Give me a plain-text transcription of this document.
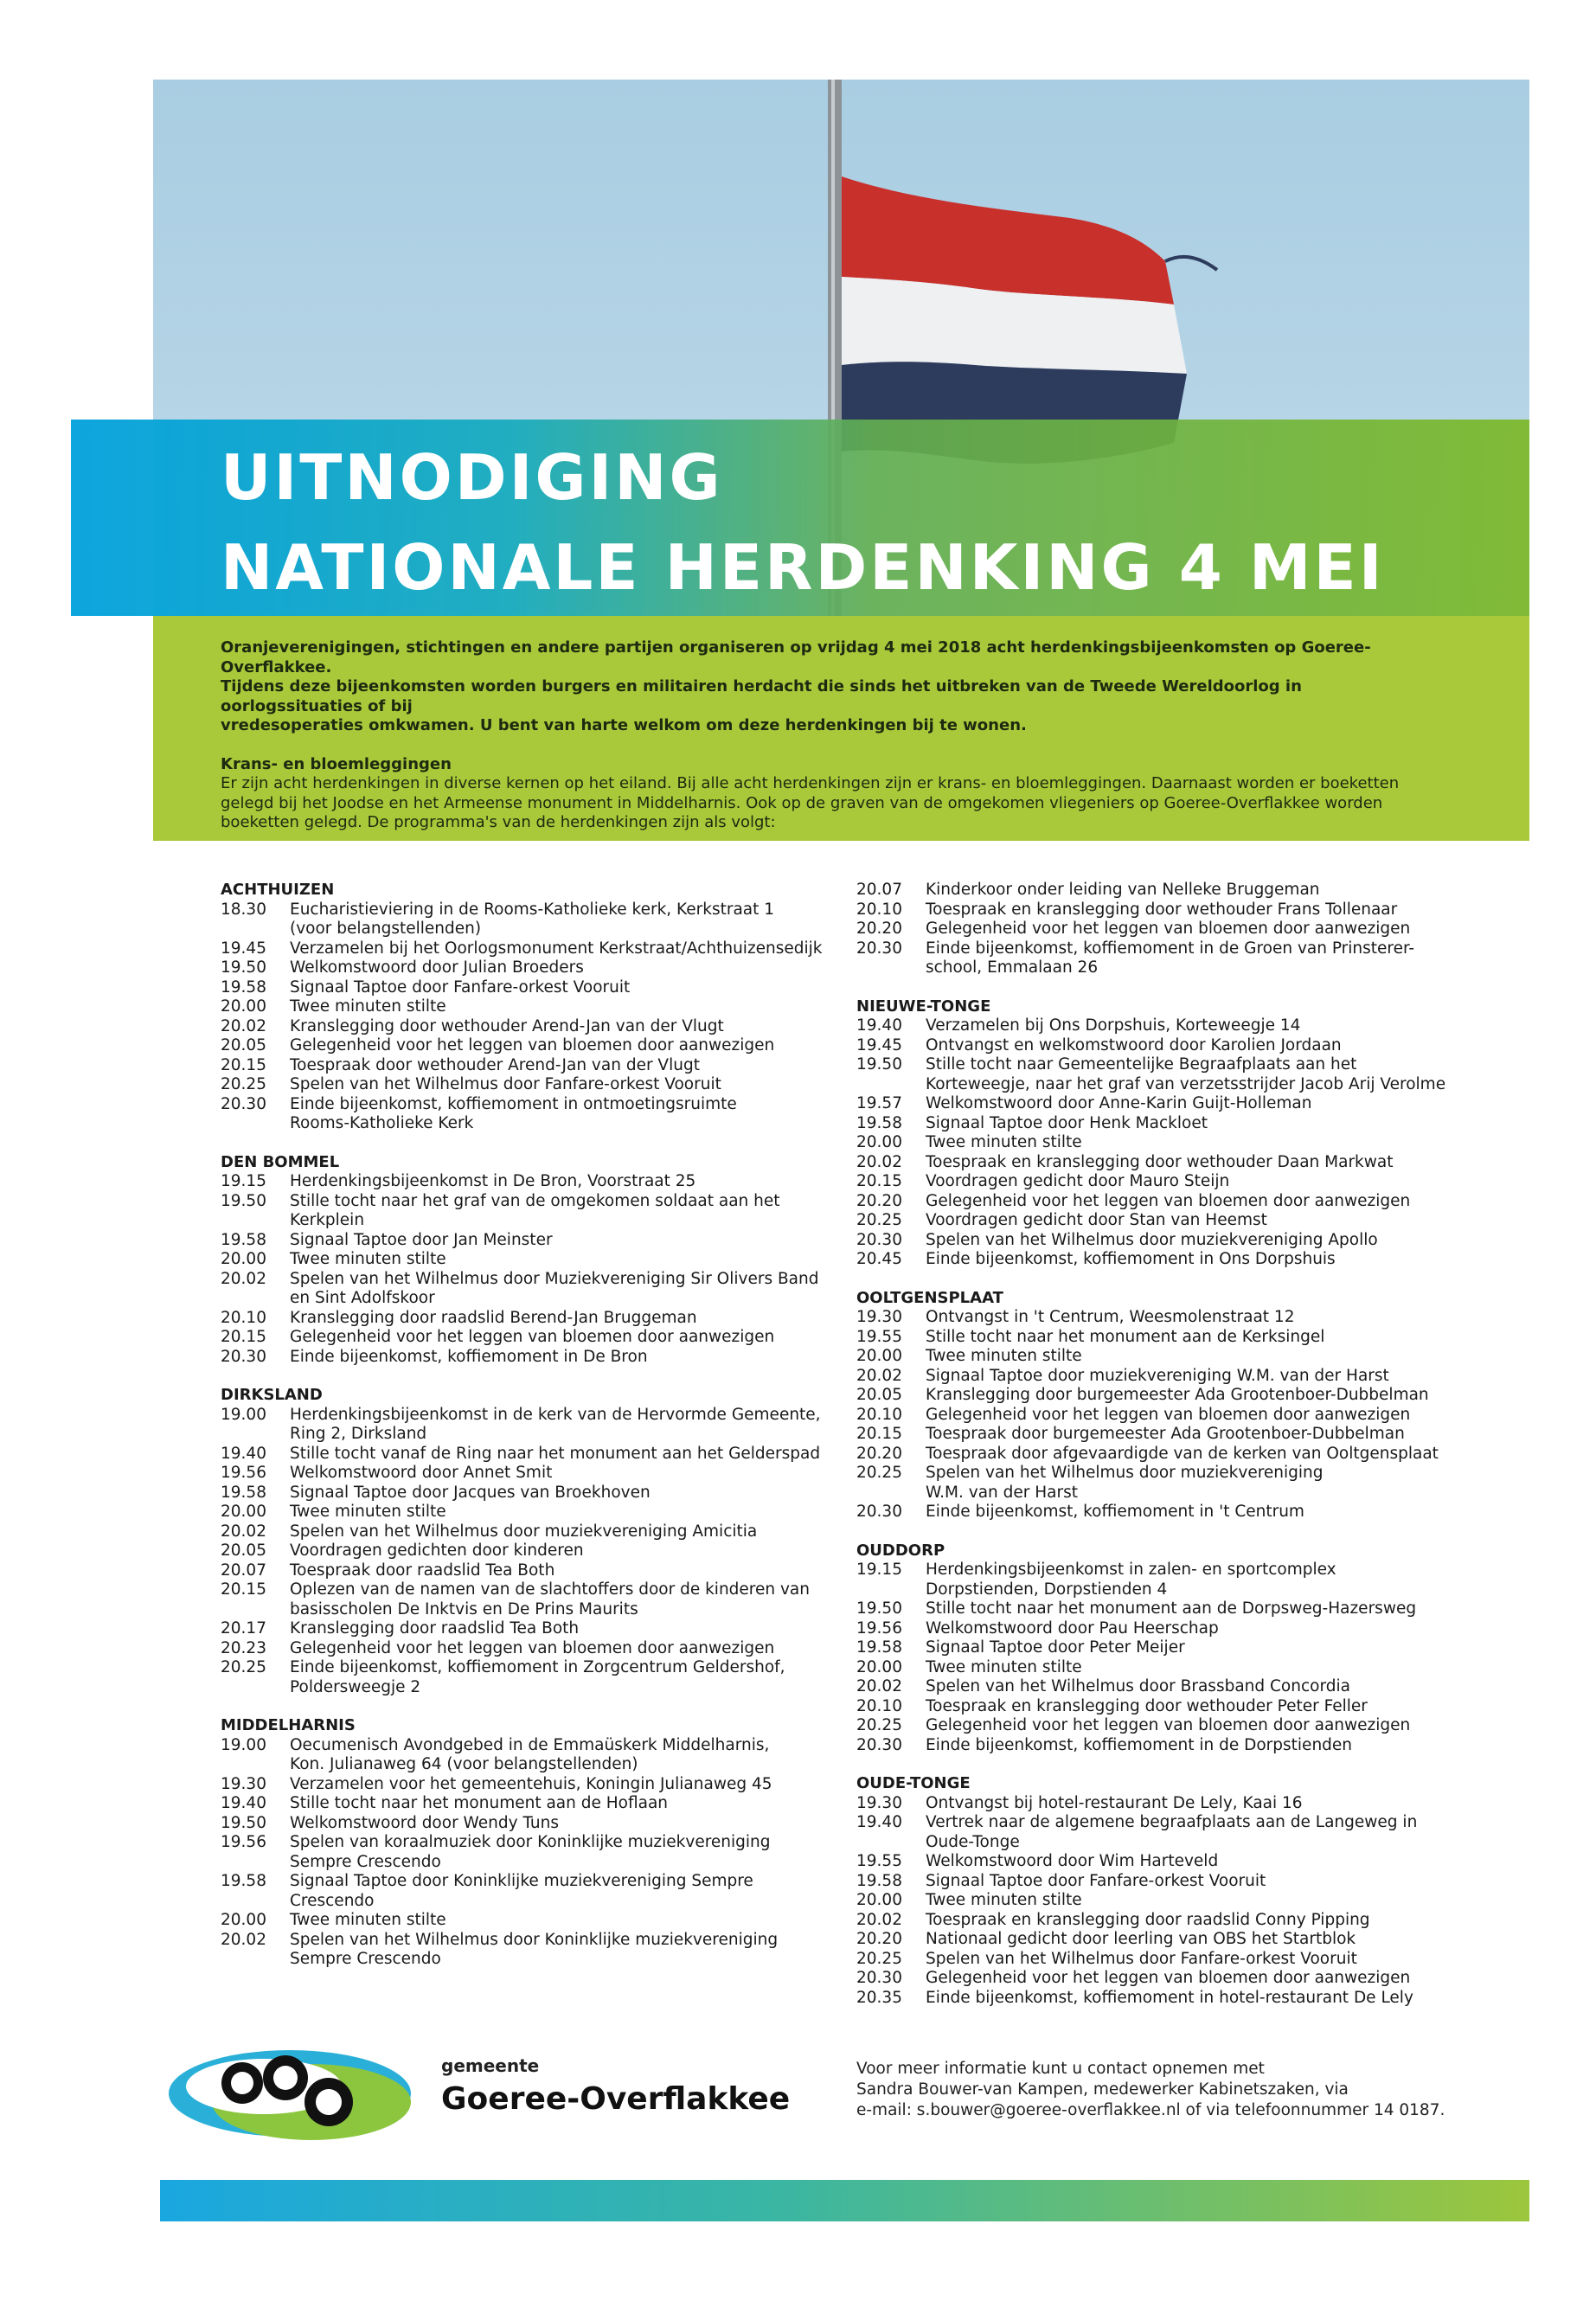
UITNODIGING
NATIONALE HERDENKING 4 MEI

Oranjeverenigingen, stichtingen en andere partijen organiseren op vrijdag 4 mei 2018 acht herdenkingsbijeenkomsten op Goeree-Overflakkee.

Tijdens deze bijeenkomsten worden burgers en militairen herdacht die sinds het uitbreken van de Tweede Wereldoorlog in oorlogssituaties of bij

vredesoperaties omkwamen. U bent van harte welkom om deze herdenkingen bij te wonen.

Krans- en bloemleggingen

Er zijn acht herdenkingen in diverse kernen op het eiland. Bij alle acht herdenkingen zijn er krans- en bloemleggingen. Daarnaast worden er boeketten

gelegd bij het Joodse en het Armeense monument in Middelharnis. Ook op de graven van de omgekomen vliegeniers op Goeree-Overflakkee worden

boeketten gelegd. De programma's van de herdenkingen zijn als volgt:

ACHTHUIZEN
18.30	Eucharistieviering in de Rooms-Katholieke kerk, Kerkstraat 1
(voor belangstellenden)
19.45	Verzamelen bij het Oorlogsmonument Kerkstraat/Achthuizensedijk
19.50	Welkomstwoord door Julian Broeders
19.58	Signaal Taptoe door Fanfare-orkest Vooruit
20.00	Twee minuten stilte
20.02	Kranslegging door wethouder Arend-Jan van der Vlugt
20.05	Gelegenheid voor het leggen van bloemen door aanwezigen
20.15	Toespraak door wethouder Arend-Jan van der Vlugt
20.25	Spelen van het Wilhelmus door Fanfare-orkest Vooruit
20.30	Einde bijeenkomst, koffiemoment in ontmoetingsruimte
Rooms-Katholieke Kerk
DEN BOMMEL
19.15	Herdenkingsbijeenkomst in De Bron, Voorstraat 25
19.50	Stille tocht naar het graf van de omgekomen soldaat aan het
Kerkplein
19.58	Signaal Taptoe door Jan Meinster
20.00	Twee minuten stilte
20.02	Spelen van het Wilhelmus door Muziekvereniging Sir Olivers Band
en Sint Adolfskoor
20.10	Kranslegging door raadslid Berend-Jan Bruggeman
20.15	Gelegenheid voor het leggen van bloemen door aanwezigen
20.30	Einde bijeenkomst, koffiemoment in De Bron
DIRKSLAND
19.00	Herdenkingsbijeenkomst in de kerk van de Hervormde Gemeente,
Ring 2, Dirksland
19.40	Stille tocht vanaf de Ring naar het monument aan het Gelderspad
19.56	Welkomstwoord door Annet Smit
19.58	Signaal Taptoe door Jacques van Broekhoven
20.00	Twee minuten stilte
20.02	Spelen van het Wilhelmus door muziekvereniging Amicitia
20.05	Voordragen gedichten door kinderen
20.07	Toespraak door raadslid Tea Both
20.15	Oplezen van de namen van de slachtoffers door de kinderen van
basisscholen De Inktvis en De Prins Maurits
20.17	Kranslegging door raadslid Tea Both
20.23	Gelegenheid voor het leggen van bloemen door aanwezigen
20.25	Einde bijeenkomst, koffiemoment in Zorgcentrum Geldershof,
Poldersweegje 2
MIDDELHARNIS
19.00	Oecumenisch Avondgebed in de Emmaüskerk Middelharnis,
Kon. Julianaweg 64 (voor belangstellenden)
19.30	Verzamelen voor het gemeentehuis, Koningin Julianaweg 45
19.40	Stille tocht naar het monument aan de Hoflaan
19.50	Welkomstwoord door Wendy Tuns
19.56	Spelen van koraalmuziek door Koninklijke muziekvereniging
Sempre Crescendo
19.58	Signaal Taptoe door Koninklijke muziekvereniging Sempre
Crescendo
20.00	Twee minuten stilte
20.02	Spelen van het Wilhelmus door Koninklijke muziekvereniging
Sempre Crescendo
20.07	Kinderkoor onder leiding van Nelleke Bruggeman
20.10	Toespraak en kranslegging door wethouder Frans Tollenaar
20.20	Gelegenheid voor het leggen van bloemen door aanwezigen
20.30	Einde bijeenkomst, koffiemoment in de Groen van Prinsterer-
school, Emmalaan 26
NIEUWE-TONGE
19.40	Verzamelen bij Ons Dorpshuis, Korteweegje 14
19.45	Ontvangst en welkomstwoord door Karolien Jordaan
19.50	Stille tocht naar Gemeentelijke Begraafplaats aan het
Korteweegje, naar het graf van verzetsstrijder Jacob Arij Verolme
19.57	Welkomstwoord door Anne-Karin Guijt-Holleman
19.58	Signaal Taptoe door Henk Mackloet
20.00	Twee minuten stilte
20.02	Toespraak en kranslegging door wethouder Daan Markwat
20.15	Voordragen gedicht door Mauro Steijn
20.20	Gelegenheid voor het leggen van bloemen door aanwezigen
20.25	Voordragen gedicht door Stan van Heemst
20.30	Spelen van het Wilhelmus door muziekvereniging Apollo
20.45	Einde bijeenkomst, koffiemoment in Ons Dorpshuis
OOLTGENSPLAAT
19.30	Ontvangst in 't Centrum, Weesmolenstraat 12
19.55	Stille tocht naar het monument aan de Kerksingel
20.00	Twee minuten stilte
20.02	Signaal Taptoe door muziekvereniging W.M. van der Harst
20.05	Kranslegging door burgemeester Ada Grootenboer-Dubbelman
20.10	Gelegenheid voor het leggen van bloemen door aanwezigen
20.15	Toespraak door burgemeester Ada Grootenboer-Dubbelman
20.20	Toespraak door afgevaardigde van de kerken van Ooltgensplaat
20.25	Spelen van het Wilhelmus door muziekvereniging
W.M. van der Harst
20.30	Einde bijeenkomst, koffiemoment in 't Centrum
OUDDORP
19.15	Herdenkingsbijeenkomst in zalen- en sportcomplex
Dorpstienden, Dorpstienden 4
19.50	Stille tocht naar het monument aan de Dorpsweg-Hazersweg
19.56	Welkomstwoord door Pau Heerschap
19.58	Signaal Taptoe door Peter Meijer
20.00	Twee minuten stilte
20.02	Spelen van het Wilhelmus door Brassband Concordia
20.10	Toespraak en kranslegging door wethouder Peter Feller
20.25	Gelegenheid voor het leggen van bloemen door aanwezigen
20.30	Einde bijeenkomst, koffiemoment in de Dorpstienden
OUDE-TONGE
19.30	Ontvangst bij hotel-restaurant De Lely, Kaai 16
19.40	Vertrek naar de algemene begraafplaats aan de Langeweg in
Oude-Tonge
19.55	Welkomstwoord door Wim Harteveld
19.58	Signaal Taptoe door Fanfare-orkest Vooruit
20.00	Twee minuten stilte
20.02	Toespraak en kranslegging door raadslid Conny Pipping
20.20	Nationaal gedicht door leerling van OBS het Startblok
20.25	Spelen van het Wilhelmus door Fanfare-orkest Vooruit
20.30	Gelegenheid voor het leggen van bloemen door aanwezigen
20.35	Einde bijeenkomst, koffiemoment in hotel-restaurant De Lely
gemeente
Goeree-Overflakkee
Voor meer informatie kunt u contact opnemen met
Sandra Bouwer-van Kampen, medewerker Kabinetszaken, via
e-mail: s.bouwer@goeree-overflakkee.nl of via telefoonnummer 14 0187.
